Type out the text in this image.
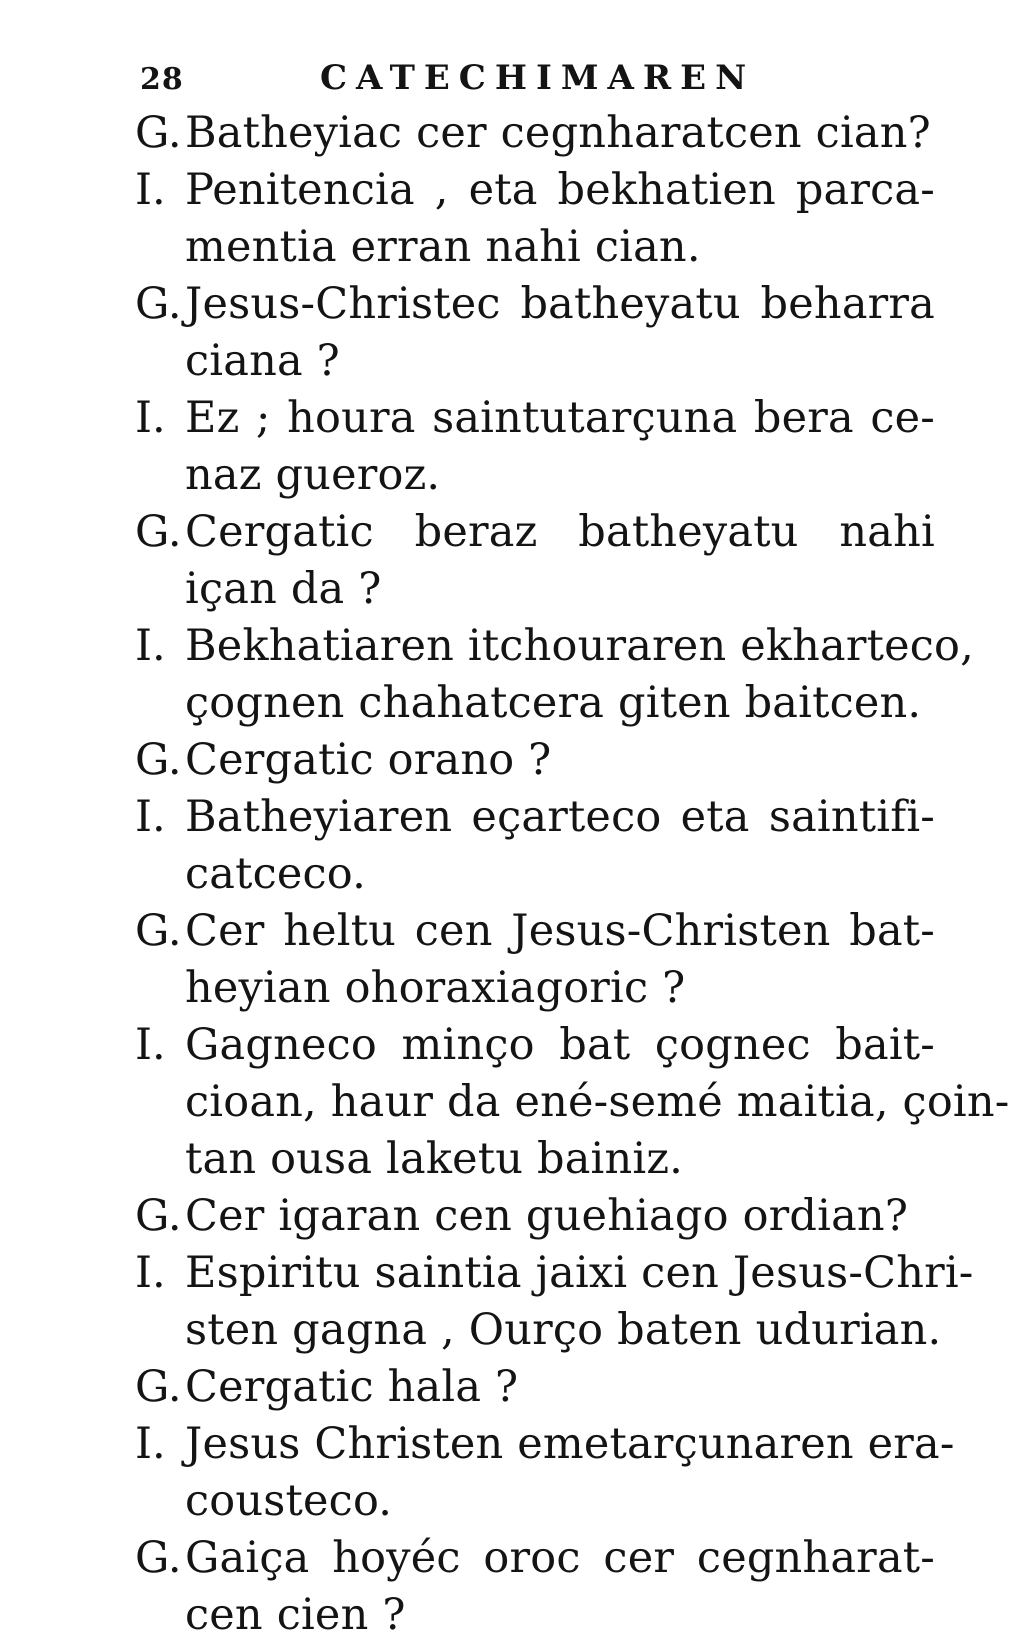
28	CATECHIMAREN
G. Batheyiac cer cegnharatcen cian?
I. Penitencia , eta bekhatien parca-
mentia erran nahi cian.
G. Jesus-Christec batheyatu beharra
ciana ?
I. Ez ; houra saintutarçuna bera ce-
naz gueroz.
G. Cergatic beraz batheyatu nahi
içan da ?
I. Bekhatiaren itchouraren ekharteco,
çognen chahatcera giten baitcen.
G. Cergatic orano ?
I. Batheyiaren eçarteco eta saintifi-
catceco.
G. Cer heltu cen Jesus-Christen bat-
heyian ohoraxiagoric ?
I. Gagneco minço bat çognec bait-
cioan, haur da ené-semé maitia, çoin-
tan ousa laketu bainiz.
G. Cer igaran cen guehiago ordian?
I. Espiritu saintia jaixi cen Jesus-Chri-
sten gagna , Ourço baten udurian.
G. Cergatic hala ?
I. Jesus Christen emetarçunaren era-
cousteco.
G. Gaiça hoyéc oroc cer cegnharat-
cen cien ?
